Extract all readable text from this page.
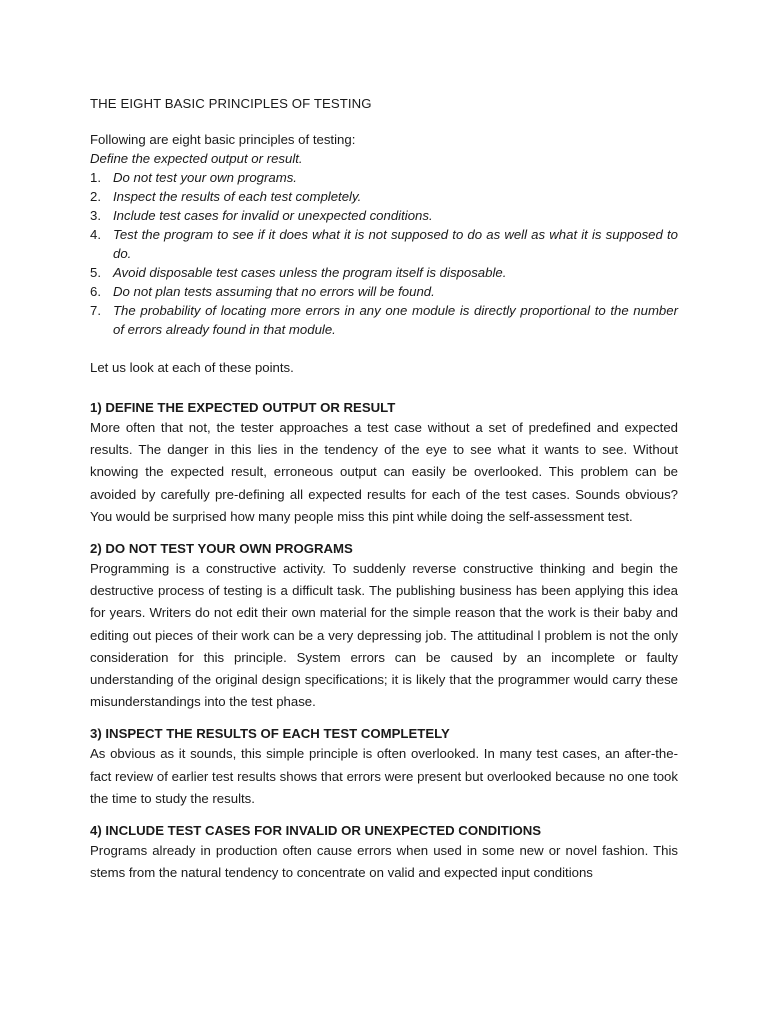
THE EIGHT BASIC PRINCIPLES OF TESTING

Following are eight basic principles of testing:

Define the expected output or result.

1. Do not test your own programs.
2. Inspect the results of each test completely.
3. Include test cases for invalid or unexpected conditions.
4. Test the program to see if it does what it is not supposed to do as well as what it is supposed to do.
5. Avoid disposable test cases unless the program itself is disposable.
6. Do not plan tests assuming that no errors will be found.
7. The probability of locating more errors in any one module is directly proportional to the number of errors already found in that module.

Let us look at each of these points.

1) DEFINE THE EXPECTED OUTPUT OR RESULT

More often that not, the tester approaches a test case without a set of predefined and expected results. The danger in this lies in the tendency of the eye to see what it wants to see. Without knowing the expected result, erroneous output can easily be overlooked. This problem can be avoided by carefully pre-defining all expected results for each of the test cases. Sounds obvious? You would be surprised how many people miss this pint while doing the self-assessment test.

2) DO NOT TEST YOUR OWN PROGRAMS

Programming is a constructive activity. To suddenly reverse constructive thinking and begin the destructive process of testing is a difficult task. The publishing business has been applying this idea for years. Writers do not edit their own material for the simple reason that the work is their baby and editing out pieces of their work can be a very depressing job. The attitudinal l problem is not the only consideration for this principle. System errors can be caused by an incomplete or faulty understanding of the original design specifications; it is likely that the programmer would carry these misunderstandings into the test phase.

3) INSPECT THE RESULTS OF EACH TEST COMPLETELY

As obvious as it sounds, this simple principle is often overlooked. In many test cases, an after-the-fact review of earlier test results shows that errors were present but overlooked because no one took the time to study the results.

4) INCLUDE TEST CASES FOR INVALID OR UNEXPECTED CONDITIONS

Programs already in production often cause errors when used in some new or novel fashion. This stems from the natural tendency to concentrate on valid and expected input conditions
